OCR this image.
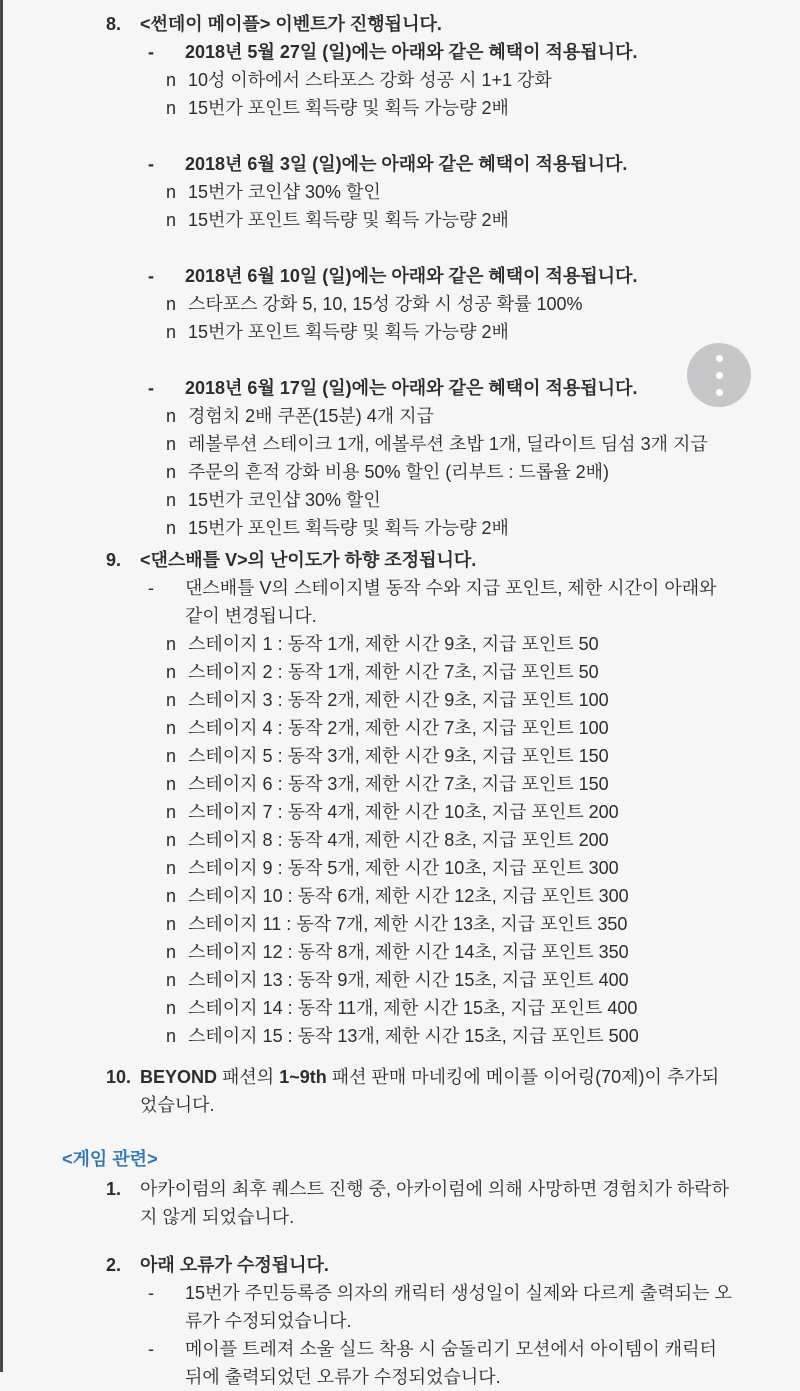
8.	<썬데이 메이플> 이벤트가 진행됩니다.
-	2018년 5월 27일 (일)에는 아래와 같은 혜택이 적용됩니다.
n 10성 이하에서 스타포스 강화 성공 시 1+1 강화
n 15번가 포인트 획득량 및 획득 가능량 2배
-	2018년 6월 3일 (일)에는 아래와 같은 혜택이 적용됩니다.
n 15번가 코인샵 30% 할인
n 15번가 포인트 획득량 및 획득 가능량 2배
-	2018년 6월 10일 (일)에는 아래와 같은 혜택이 적용됩니다.
n 스타포스 강화 5, 10, 15성 강화 시 성공 확률 100%
n 15번가 포인트 획득량 및 획득 가능량 2배
-	2018년 6월 17일 (일)에는 아래와 같은 혜택이 적용됩니다.
n 경험치 2배 쿠폰(15분) 4개 지급
n 레볼루션 스테이크 1개, 에볼루션 초밥 1개, 딜라이트 딤섬 3개 지급
n 주문의 흔적 강화 비용 50% 할인 (리부트 : 드롭율 2배)
n 15번가 코인샵 30% 할인
n 15번가 포인트 획득량 및 획득 가능량 2배
9.	<댄스배틀 V>의 난이도가 하향 조정됩니다.
-	댄스배틀 V의 스테이지별 동작 수와 지급 포인트, 제한 시간이 아래와 같이 변경됩니다.
n 스테이지 1 : 동작 1개, 제한 시간 9초, 지급 포인트 50
n 스테이지 2 : 동작 1개, 제한 시간 7초, 지급 포인트 50
n 스테이지 3 : 동작 2개, 제한 시간 9초, 지급 포인트 100
n 스테이지 4 : 동작 2개, 제한 시간 7초, 지급 포인트 100
n 스테이지 5 : 동작 3개, 제한 시간 9초, 지급 포인트 150
n 스테이지 6 : 동작 3개, 제한 시간 7초, 지급 포인트 150
n 스테이지 7 : 동작 4개, 제한 시간 10초, 지급 포인트 200
n 스테이지 8 : 동작 4개, 제한 시간 8초, 지급 포인트 200
n 스테이지 9 : 동작 5개, 제한 시간 10초, 지급 포인트 300
n 스테이지 10 : 동작 6개, 제한 시간 12초, 지급 포인트 300
n 스테이지 11 : 동작 7개, 제한 시간 13초, 지급 포인트 350
n 스테이지 12 : 동작 8개, 제한 시간 14초, 지급 포인트 350
n 스테이지 13 : 동작 9개, 제한 시간 15초, 지급 포인트 400
n 스테이지 14 : 동작 11개, 제한 시간 15초, 지급 포인트 400
n 스테이지 15 : 동작 13개, 제한 시간 15초, 지급 포인트 500
10. BEYOND 패션의 1~9th 패션 판매 마네킹에 메이플 이어링(70제)이 추가되었습니다.
<게임 관련>
1.	아카이럼의 최후 퀘스트 진행 중, 아카이럼에 의해 사망하면 경험치가 하락하지 않게 되었습니다.
2.	아래 오류가 수정됩니다.
-	15번가 주민등록증 의자의 캐릭터 생성일이 실제와 다르게 출력되는 오류가 수정되었습니다.
-	메이플 트레져 소울 실드 착용 시 숨돌리기 모션에서 아이템이 캐릭터 뒤에 출력되었던 오류가 수정되었습니다.
